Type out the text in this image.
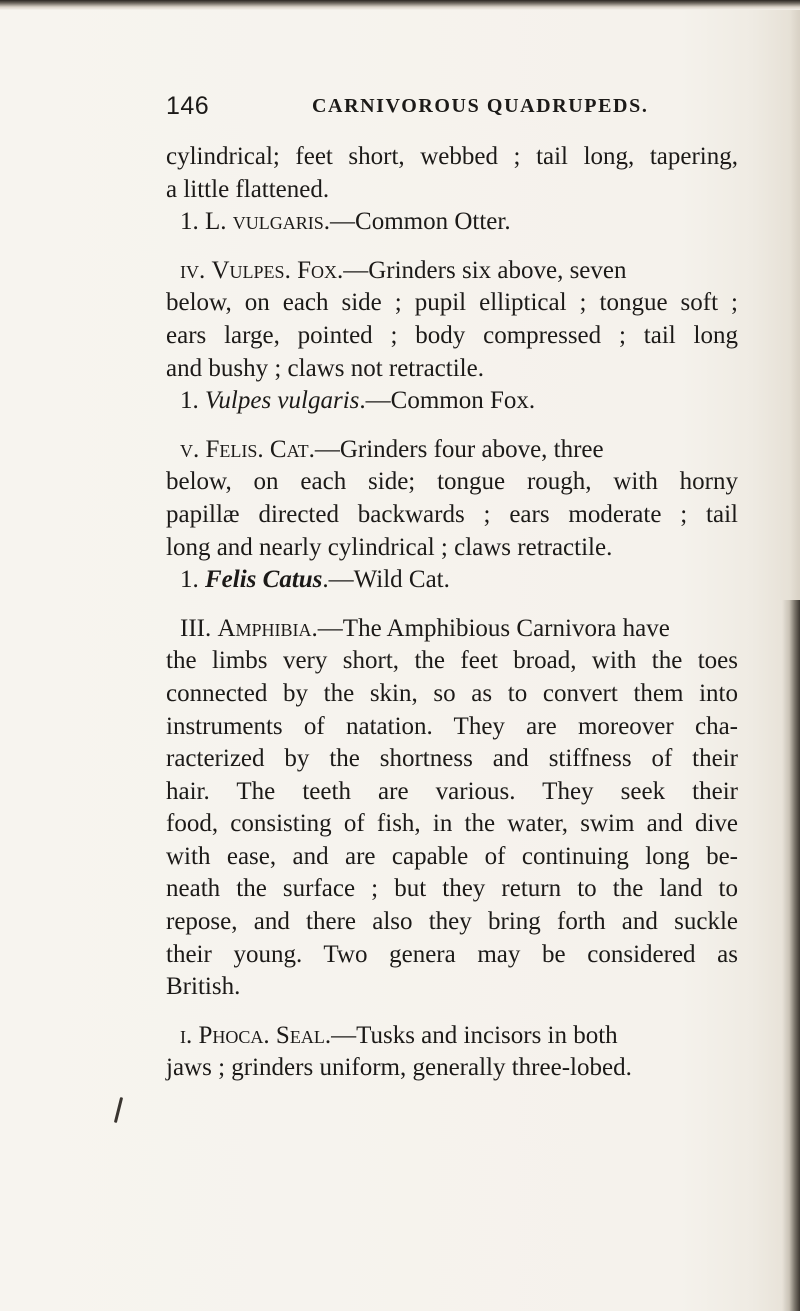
146	CARNIVOROUS QUADRUPEDS.
cylindrical; feet short, webbed ; tail long, tapering,
a little flattened.
1. L. vulgaris.—Common Otter.
iv. Vulpes. Fox.—Grinders six above, seven
below, on each side ; pupil elliptical ; tongue soft ;
ears large, pointed ; body compressed ; tail long
and bushy ; claws not retractile.
1. Vulpes vulgaris.—Common Fox.
v. Felis. Cat.—Grinders four above, three
below, on each side; tongue rough, with horny
papillæ directed backwards ; ears moderate ; tail
long and nearly cylindrical ; claws retractile.
1. Felis Catus.—Wild Cat.
III. Amphibia.—The Amphibious Carnivora have
the limbs very short, the feet broad, with the toes
connected by the skin, so as to convert them into
instruments of natation. They are moreover cha-
racterized by the shortness and stiffness of their
hair. The teeth are various. They seek their
food, consisting of fish, in the water, swim and dive
with ease, and are capable of continuing long be-
neath the surface ; but they return to the land to
repose, and there also they bring forth and suckle
their young. Two genera may be considered as
British.
i. Phoca. Seal.—Tusks and incisors in both
jaws ; grinders uniform, generally three-lobed.
